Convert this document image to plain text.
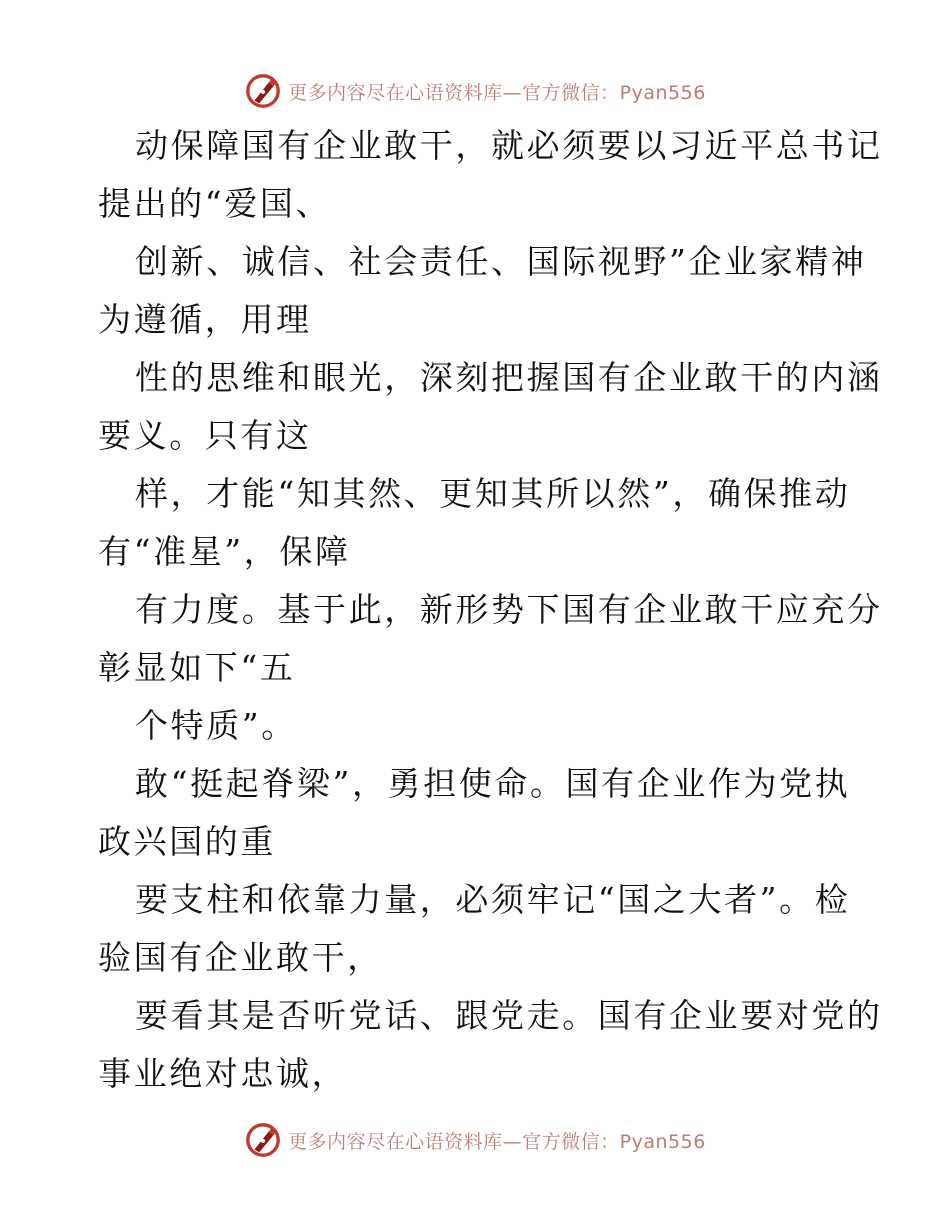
更多内容尽在心语资料库—官方微信：Pyan556

动保障国有企业敢干，就必须要以习近平总书记
提出的“爱国、

创新、诚信、社会责任、国际视野”企业家精神
为遵循，用理

性的思维和眼光，深刻把握国有企业敢干的内涵
要义。只有这

样，才能“知其然、更知其所以然”，确保推动
有“准星”，保障

有力度。基于此，新形势下国有企业敢干应充分
彰显如下“五

个特质”。

敢“挺起脊梁”，勇担使命。国有企业作为党执
政兴国的重

要支柱和依靠力量，必须牢记“国之大者”。检
验国有企业敢干，

要看其是否听党话、跟党走。国有企业要对党的
事业绝对忠诚，

更多内容尽在心语资料库—官方微信：Pyan556
